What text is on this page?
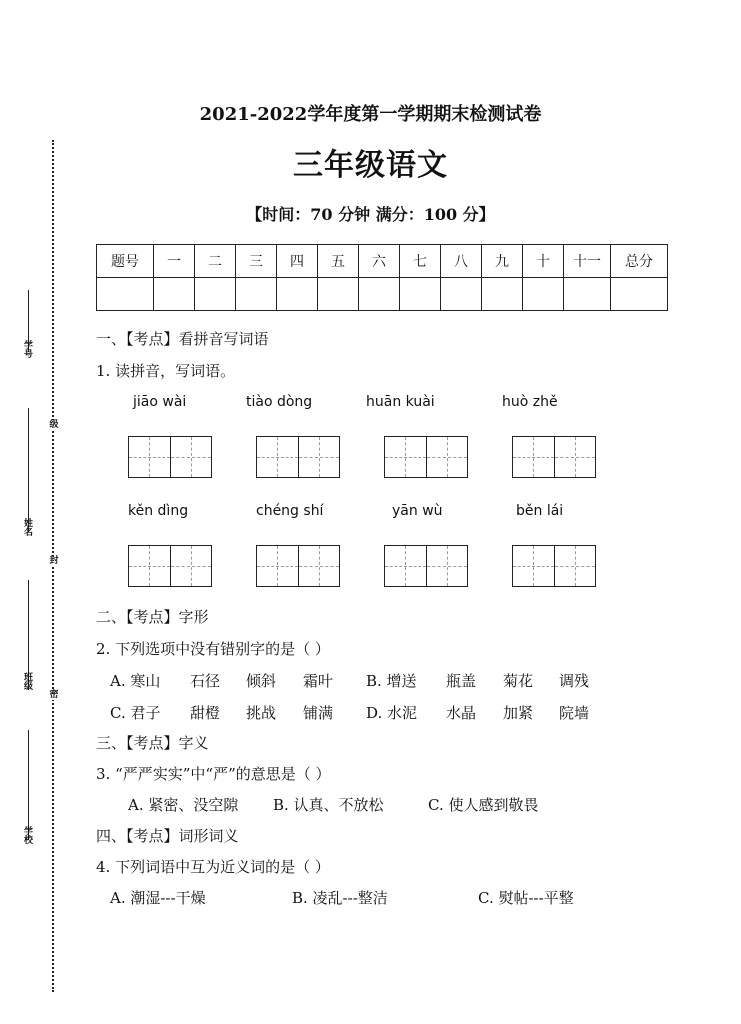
学号
级
姓名
封
班级
密
学校
2021-2022学年度第一学期期末检测试卷
三年级语文
【时间：70 分钟 满分：100 分】
题号	一	二	三	四	五	六	七	八	九	十	十一	总分

一、【考点】看拼音写词语
1. 读拼音，写词语。
jiāo wài	tiào dòng	huān kuài	huò zhě
kěn dìng	chéng shí	yān wù	běn lái
二、【考点】字形
2. 下列选项中没有错别字的是（ ）
A. 寒山 石径 倾斜 霜叶 B. 增送 瓶盖 菊花 调残
C. 君子 甜橙 挑战 铺满 D. 水泥 水晶 加紧 院墙
三、【考点】字义
3. “严严实实”中“严”的意思是（ ）
A. 紧密、没空隙 B. 认真、不放松	C. 使人感到敬畏
四、【考点】词形词义
4. 下列词语中互为近义词的是（ ）
A. 潮湿---干燥	B. 凌乱---整洁	C. 熨帖---平整
